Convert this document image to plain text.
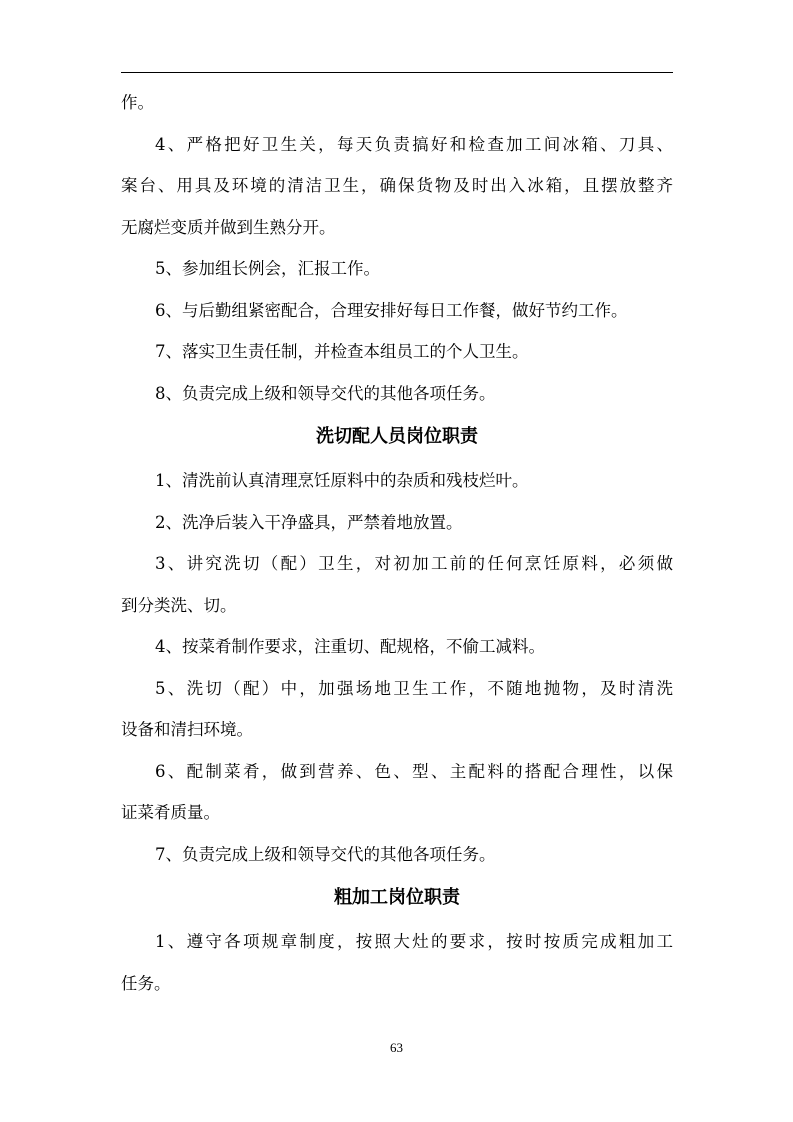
作。
4、严格把好卫生关，每天负责搞好和检查加工间冰箱、刀具、
案台、用具及环境的清洁卫生，确保货物及时出入冰箱，且摆放整齐
无腐烂变质并做到生熟分开。
5、参加组长例会，汇报工作。
6、与后勤组紧密配合，合理安排好每日工作餐，做好节约工作。
7、落实卫生责任制，并检查本组员工的个人卫生。
8、负责完成上级和领导交代的其他各项任务。
洗切配人员岗位职责
1、清洗前认真清理烹饪原料中的杂质和残枝烂叶。
2、洗净后装入干净盛具，严禁着地放置。
3、讲究洗切（配）卫生，对初加工前的任何烹饪原料，必须做
到分类洗、切。
4、按菜肴制作要求，注重切、配规格，不偷工减料。
5、洗切（配）中，加强场地卫生工作，不随地抛物，及时清洗
设备和清扫环境。
6、配制菜肴，做到营养、色、型、主配料的搭配合理性，以保
证菜肴质量。
7、负责完成上级和领导交代的其他各项任务。
粗加工岗位职责
1、遵守各项规章制度，按照大灶的要求，按时按质完成粗加工
任务。
63
